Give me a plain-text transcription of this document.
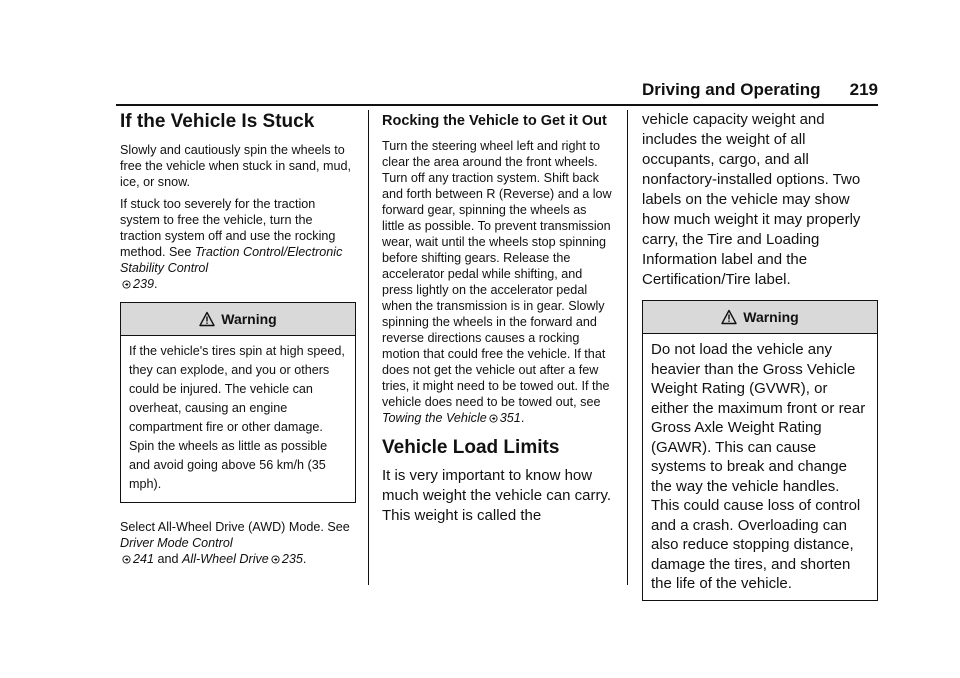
Driving and Operating 219
If the Vehicle Is Stuck

Slowly and cautiously spin the wheels to free the vehicle when stuck in sand, mud, ice, or snow.

If stuck too severely for the traction system to free the vehicle, turn the traction system off and use the rocking method. See Traction Control/Electronic Stability Control
239.

Warning
If the vehicle's tires spin at high speed, they can explode, and you or others could be injured. The vehicle can overheat, causing an engine compartment fire or other damage. Spin the wheels as little as possible and avoid going above 56 km/h (35 mph).

Select All-Wheel Drive (AWD) Mode. See Driver Mode Control
241 and All-Wheel Drive 235.

Rocking the Vehicle to Get it Out

Turn the steering wheel left and right to clear the area around the front wheels. Turn off any traction system. Shift back and forth between R (Reverse) and a low forward gear, spinning the wheels as little as possible. To prevent transmission wear, wait until the wheels stop spinning before shifting gears. Release the accelerator pedal while shifting, and press lightly on the accelerator pedal when the transmission is in gear. Slowly spinning the wheels in the forward and reverse directions causes a rocking motion that could free the vehicle. If that does not get the vehicle out after a few tries, it might need to be towed out. If the vehicle does need to be towed out, see Towing the Vehicle 351.

Vehicle Load Limits

It is very important to know how much weight the vehicle can carry. This weight is called the

vehicle capacity weight and includes the weight of all occupants, cargo, and all nonfactory-installed options. Two labels on the vehicle may show how much weight it may properly carry, the Tire and Loading Information label and the Certification/Tire label.

Warning
Do not load the vehicle any heavier than the Gross Vehicle Weight Rating (GVWR), or either the maximum front or rear Gross Axle Weight Rating (GAWR). This can cause systems to break and change the way the vehicle handles. This could cause loss of control and a crash. Overloading can also reduce stopping distance, damage the tires, and shorten the life of the vehicle.
